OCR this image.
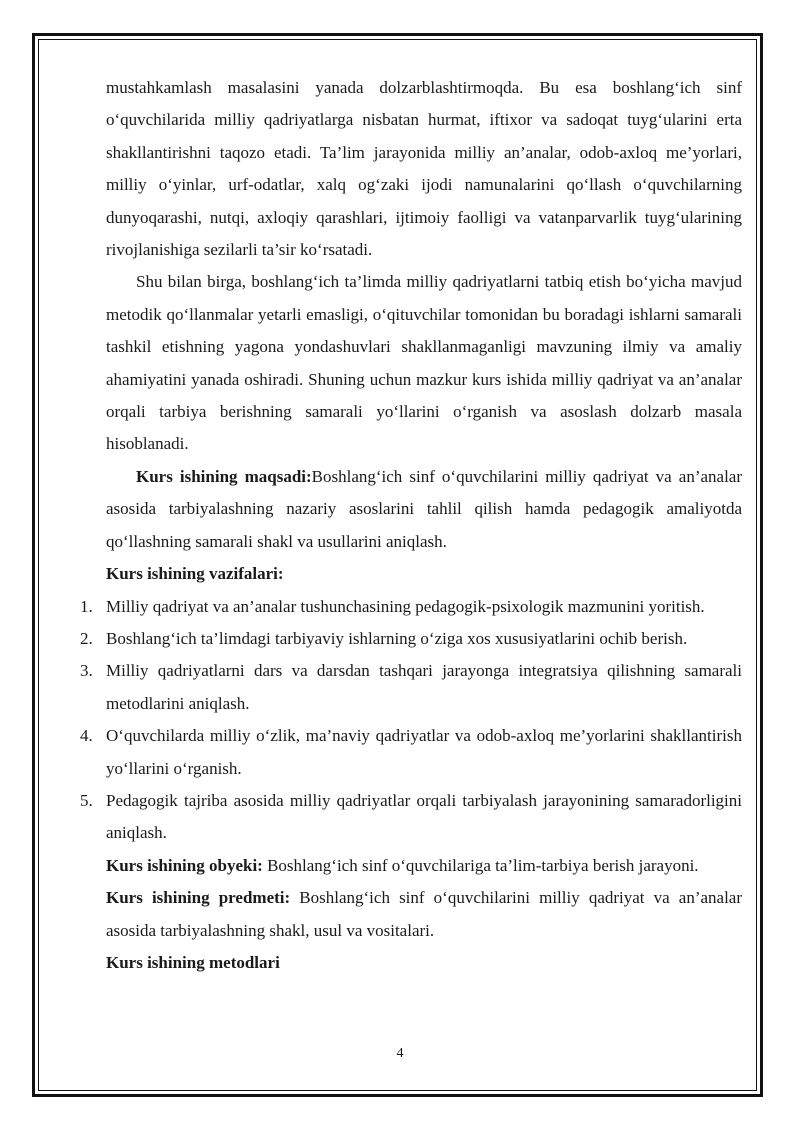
mustahkamlash masalasini yanada dolzarblashtirmoqda. Bu esa boshlang‘ich sinf o‘quvchilarida milliy qadriyatlarga nisbatan hurmat, iftixor va sadoqat tuyg‘ularini erta shakllantirishni taqozo etadi. Ta’lim jarayonida milliy an’analar, odob-axloq me’yorlari, milliy o‘yinlar, urf-odatlar, xalq og‘zaki ijodi namunalarini qo‘llash o‘quvchilarning dunyoqarashi, nutqi, axloqiy qarashlari, ijtimoiy faolligi va vatanparvarlik tuyg‘ularining rivojlanishiga sezilarli ta’sir ko‘rsatadi.

Shu bilan birga, boshlang‘ich ta’limda milliy qadriyatlarni tatbiq etish bo‘yicha mavjud metodik qo‘llanmalar yetarli emasligi, o‘qituvchilar tomonidan bu boradagi ishlarni samarali tashkil etishning yagona yondashuvlari shakllanmaganligi mavzuning ilmiy va amaliy ahamiyatini yanada oshiradi. Shuning uchun mazkur kurs ishida milliy qadriyat va an’analar orqali tarbiya berishning samarali yo‘llarini o‘rganish va asoslash dolzarb masala hisoblanadi.

Kurs ishining maqsadi:Boshlang‘ich sinf o‘quvchilarini milliy qadriyat va an’analar asosida tarbiyalashning nazariy asoslarini tahlil qilish hamda pedagogik amaliyotda qo‘llashning samarali shakl va usullarini aniqlash.

Kurs ishining vazifalari:

1. Milliy qadriyat va an’analar tushunchasining pedagogik-psixologik mazmunini yoritish.
2. Boshlang‘ich ta’limdagi tarbiyaviy ishlarning o‘ziga xos xususiyatlarini ochib berish.
3. Milliy qadriyatlarni dars va darsdan tashqari jarayonga integratsiya qilishning samarali metodlarini aniqlash.
4. O‘quvchilarda milliy o‘zlik, ma’naviy qadriyatlar va odob-axloq me’yorlarini shakllantirish yo‘llarini o‘rganish.
5. Pedagogik tajriba asosida milliy qadriyatlar orqali tarbiyalash jarayonining samaradorligini aniqlash.

Kurs ishining obyeki: Boshlang‘ich sinf o‘quvchilariga ta’lim-tarbiya berish jarayoni.

Kurs ishining predmeti: Boshlang‘ich sinf o‘quvchilarini milliy qadriyat va an’analar asosida tarbiyalashning shakl, usul va vositalari.

Kurs ishining metodlari

4
